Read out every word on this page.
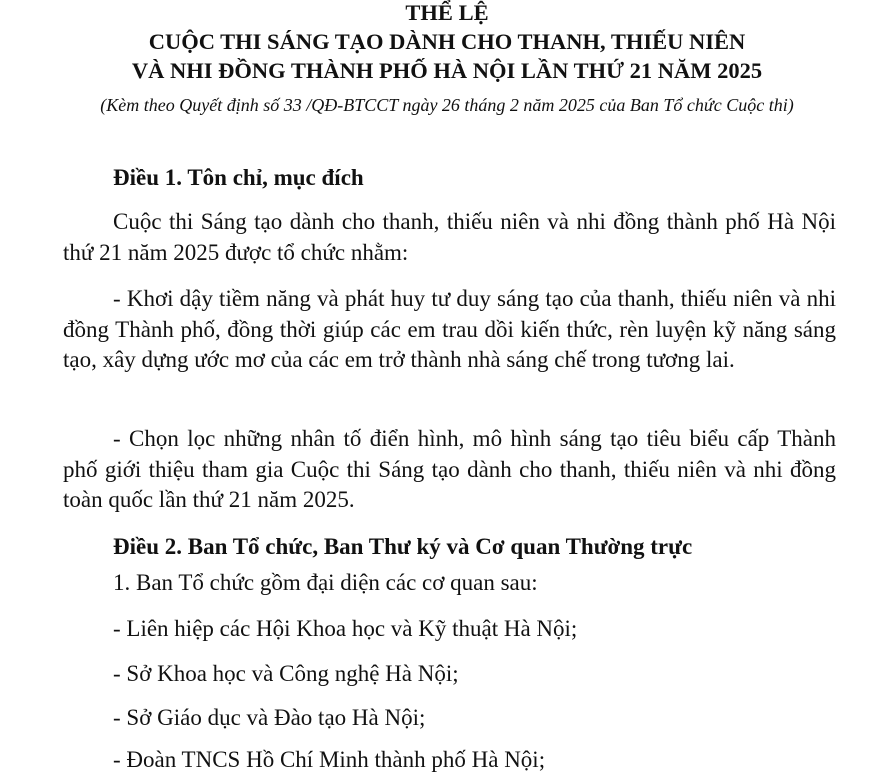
THỂ LỆ
CUỘC THI SÁNG TẠO DÀNH CHO THANH, THIẾU NIÊN
VÀ NHI ĐỒNG THÀNH PHỐ HÀ NỘI LẦN THỨ 21 NĂM 2025
(Kèm theo Quyết định số 33 /QĐ-BTCCT ngày 26 tháng 2 năm 2025 của Ban Tổ chức Cuộc thi)
Điều 1. Tôn chỉ, mục đích
Cuộc thi Sáng tạo dành cho thanh, thiếu niên và nhi đồng thành phố Hà Nội thứ 21 năm 2025 được tổ chức nhằm:
- Khơi dậy tiềm năng và phát huy tư duy sáng tạo của thanh, thiếu niên và nhi đồng Thành phố, đồng thời giúp các em trau dồi kiến thức, rèn luyện kỹ năng sáng tạo, xây dựng ước mơ của các em trở thành nhà sáng chế trong tương lai.
- Chọn lọc những nhân tố điển hình, mô hình sáng tạo tiêu biểu cấp Thành phố giới thiệu tham gia Cuộc thi Sáng tạo dành cho thanh, thiếu niên và nhi đồng toàn quốc lần thứ 21 năm 2025.
Điều 2. Ban Tổ chức, Ban Thư ký và Cơ quan Thường trực
1. Ban Tổ chức gồm đại diện các cơ quan sau:
- Liên hiệp các Hội Khoa học và Kỹ thuật Hà Nội;
- Sở Khoa học và Công nghệ Hà Nội;
- Sở Giáo dục và Đào tạo Hà Nội;
- Đoàn TNCS Hồ Chí Minh thành phố Hà Nội;
